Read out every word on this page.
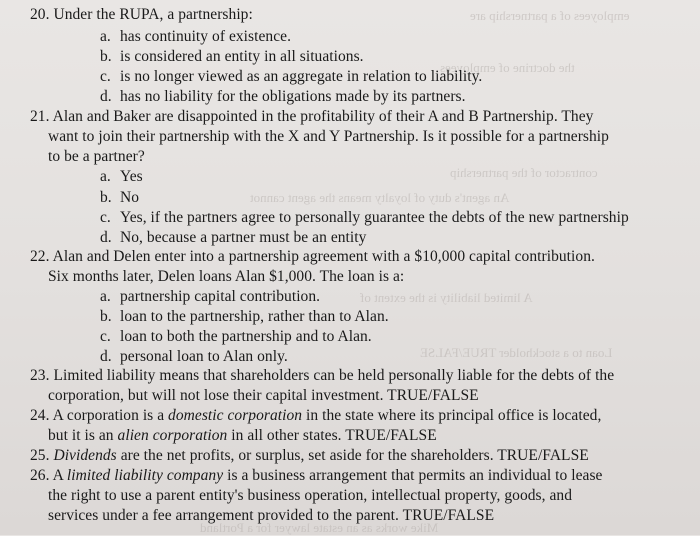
employees of a partnership are
the doctrine of employees
contractor of the partnership
An agent's duty of loyalty means the agent cannot
A limited liability is the extent of
Loan to a stockholder TRUE/FALSE
Mike works as an estate lawyer for a Portland
20. Under the RUPA, a partnership:
a. has continuity of existence.
b. is considered an entity in all situations.
c. is no longer viewed as an aggregate in relation to liability.
d. has no liability for the obligations made by its partners.
21. Alan and Baker are disappointed in the profitability of their A and B Partnership. They
want to join their partnership with the X and Y Partnership. Is it possible for a partnership
to be a partner?
a. Yes
b. No
c. Yes, if the partners agree to personally guarantee the debts of the new partnership
d. No, because a partner must be an entity
22. Alan and Delen enter into a partnership agreement with a $10,000 capital contribution.
Six months later, Delen loans Alan $1,000. The loan is a:
a. partnership capital contribution.
b. loan to the partnership, rather than to Alan.
c. loan to both the partnership and to Alan.
d. personal loan to Alan only.
23. Limited liability means that shareholders can be held personally liable for the debts of the
corporation, but will not lose their capital investment. TRUE/FALSE
24. A corporation is a domestic corporation in the state where its principal office is located,
but it is an alien corporation in all other states. TRUE/FALSE
25. Dividends are the net profits, or surplus, set aside for the shareholders. TRUE/FALSE
26. A limited liability company is a business arrangement that permits an individual to lease
the right to use a parent entity's business operation, intellectual property, goods, and
services under a fee arrangement provided to the parent. TRUE/FALSE
